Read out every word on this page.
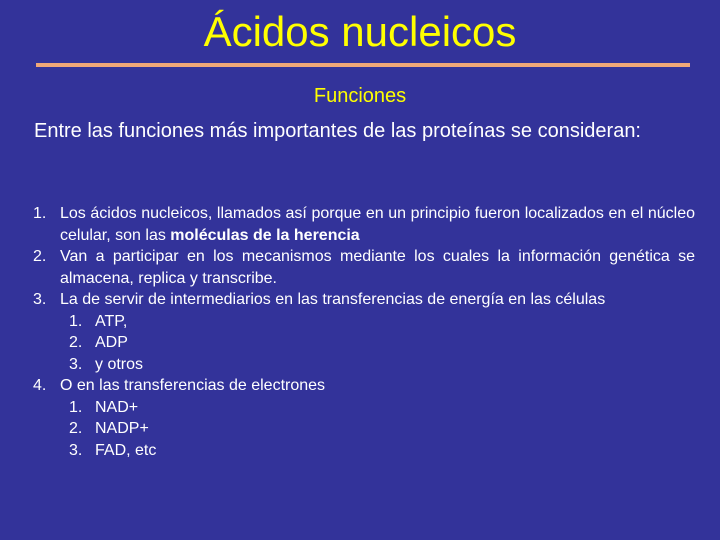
Ácidos nucleicos
Funciones
Entre las funciones más importantes de las proteínas se consideran:
1. Los ácidos nucleicos, llamados así porque en un principio fueron localizados en el núcleo celular, son las moléculas de la herencia
2. Van a participar en los mecanismos mediante los cuales la información genética se almacena, replica y transcribe.
3. La de servir de intermediarios en las transferencias de energía en las células
1. ATP,
2. ADP
3. y otros
4. O en las transferencias de electrones
1. NAD+
2. NADP+
3. FAD, etc
